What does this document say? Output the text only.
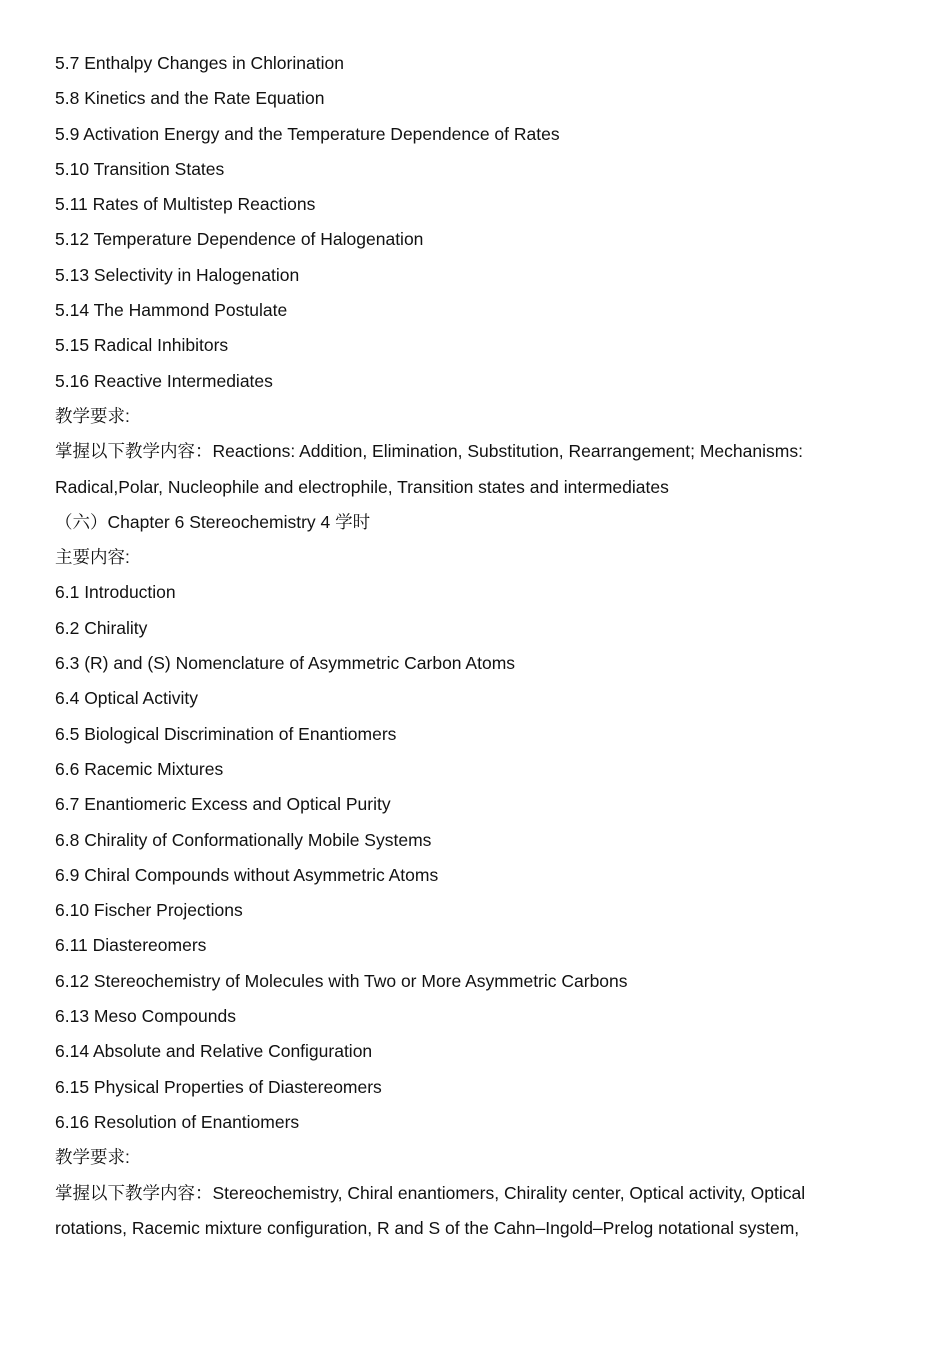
5.7 Enthalpy Changes in Chlorination
5.8 Kinetics and the Rate Equation
5.9 Activation Energy and the Temperature Dependence of Rates
5.10 Transition States
5.11 Rates of Multistep Reactions
5.12 Temperature Dependence of Halogenation
5.13 Selectivity in Halogenation
5.14 The Hammond Postulate
5.15 Radical Inhibitors
5.16 Reactive Intermediates
教学要求:
掌握以下教学内容：Reactions: Addition, Elimination, Substitution, Rearrangement; Mechanisms:
Radical,Polar, Nucleophile and electrophile, Transition states and intermediates
（六）Chapter 6 Stereochemistry 4 学时
主要内容:
6.1 Introduction
6.2 Chirality
6.3 (R) and (S) Nomenclature of Asymmetric Carbon Atoms
6.4 Optical Activity
6.5 Biological Discrimination of Enantiomers
6.6 Racemic Mixtures
6.7 Enantiomeric Excess and Optical Purity
6.8 Chirality of Conformationally Mobile Systems
6.9 Chiral Compounds without Asymmetric Atoms
6.10 Fischer Projections
6.11 Diastereomers
6.12 Stereochemistry of Molecules with Two or More Asymmetric Carbons
6.13 Meso Compounds
6.14 Absolute and Relative Configuration
6.15 Physical Properties of Diastereomers
6.16 Resolution of Enantiomers
教学要求:
掌握以下教学内容：Stereochemistry, Chiral enantiomers, Chirality center, Optical activity, Optical
rotations, Racemic mixture configuration, R and S of the Cahn–Ingold–Prelog notational system,
